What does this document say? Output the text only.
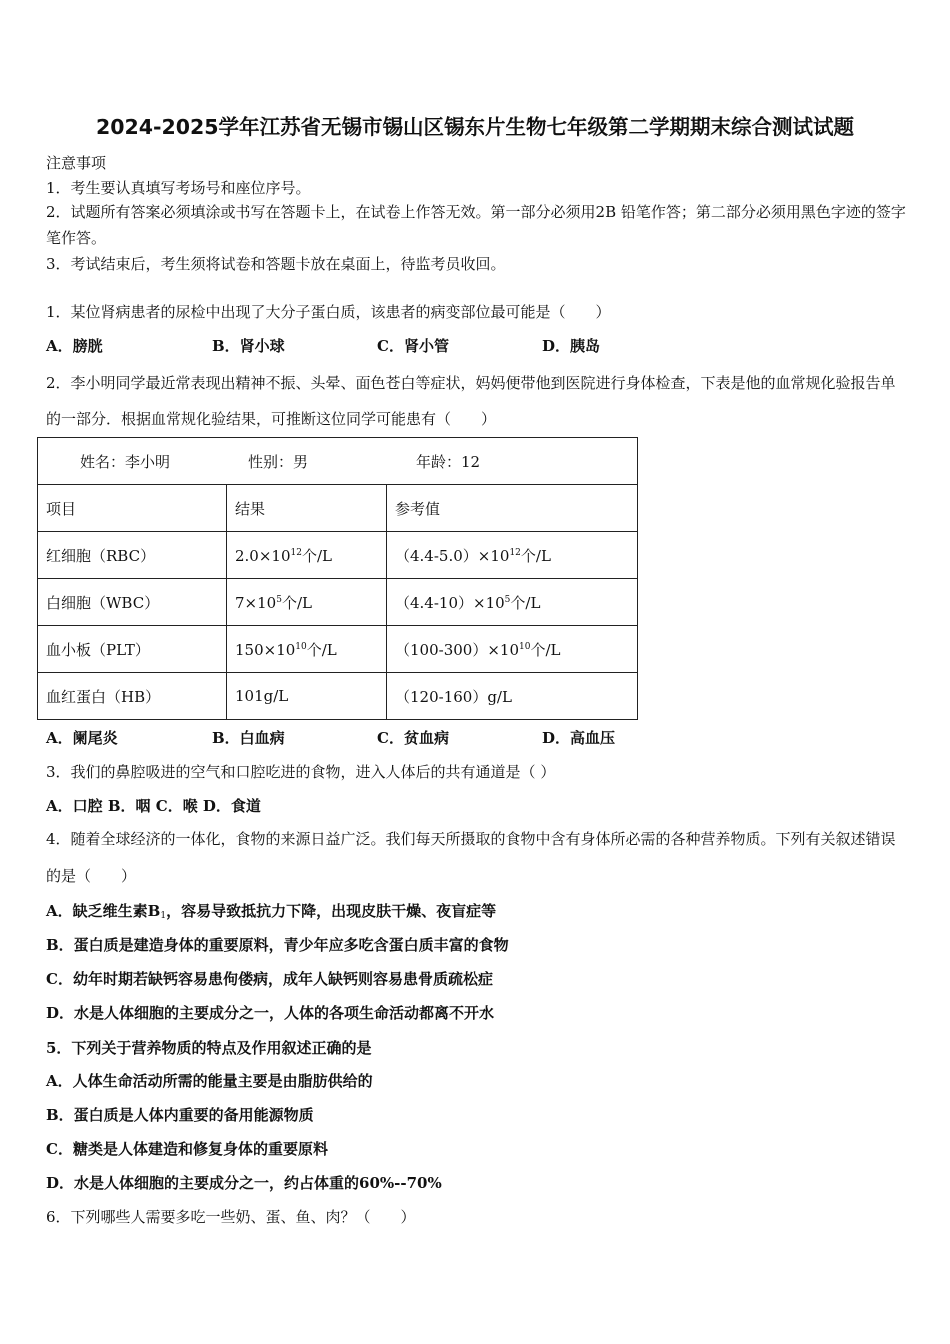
2024-2025学年江苏省无锡市锡山区锡东片生物七年级第二学期期末综合测试试题
注意事项
1．考生要认真填写考场号和座位序号。
2．试题所有答案必须填涂或书写在答题卡上，在试卷上作答无效。第一部分必须用2B 铅笔作答；第二部分必须用黑色字迹的签字笔作答。
3．考试结束后，考生须将试卷和答题卡放在桌面上，待监考员收回。
1．某位肾病患者的尿检中出现了大分子蛋白质，该患者的病变部位最可能是（　　）
A．膀胱	B．肾小球	C．肾小管	D．胰岛
2．李小明同学最近常表现出精神不振、头晕、面色苍白等症状，妈妈便带他到医院进行身体检查，下表是他的血常规化验报告单的一部分．根据血常规化验结果，可推断这位同学可能患有（　　）
姓名：李小明 性别：男 年龄：12		
项目	结果	参考值
红细胞（RBC）	$2.0\times 10^{12}$个/L	$(4.4-5.0)\times 10^{12}$个/L
白细胞（WBC）	$7\times 10^5$个/L	$(4.4-10)\times 10^5$个/L
血小板（PLT）	$150\times 10^{10}$个/L	$(100-300)\times 10^{10}$个/L
血红蛋白（HB）	101g/L	（120-160）g/L
A．阑尾炎	B．白血病	C．贫血病	D．高血压
3．我们的鼻腔吸进的空气和口腔吃进的食物，进入人体后的共有通道是（ ）
A．口腔 B．咽 C．喉 D．食道
4．随着全球经济的一体化，食物的来源日益广泛。我们每天所摄取的食物中含有身体所必需的各种营养物质。下列有关叙述错误的是（　　）
A．缺乏维生素$B_1$，容易导致抵抗力下降，出现皮肤干燥、夜盲症等
B．蛋白质是建造身体的重要原料，青少年应多吃含蛋白质丰富的食物
C．幼年时期若缺钙容易患佝偻病，成年人缺钙则容易患骨质疏松症
D．水是人体细胞的主要成分之一，人体的各项生命活动都离不开水
5．下列关于营养物质的特点及作用叙述正确的是
A．人体生命活动所需的能量主要是由脂肪供给的
B．蛋白质是人体内重要的备用能源物质
C．糖类是人体建造和修复身体的重要原料
D．水是人体细胞的主要成分之一，约占体重的60%--70%
6．下列哪些人需要多吃一些奶、蛋、鱼、肉？（　　）
